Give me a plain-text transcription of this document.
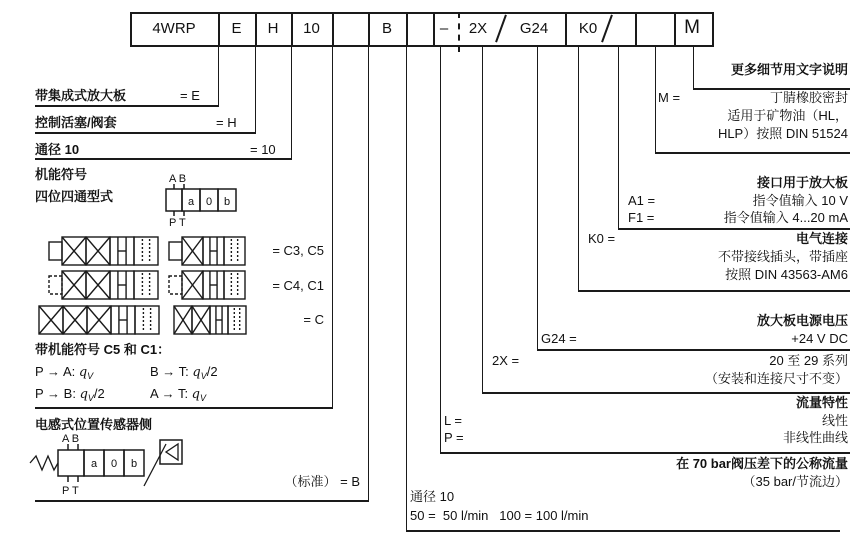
4WRP	E	H	10	B	–	2X	G24	K0	M
带集成式放大板	= E
控制活塞/阀套	= H
通径 10	= 10
机能符号
四位四通型式
A B
a 0 b
P T
= C3, C5
= C4, C1
= C
带机能符号 C5 和 C1：
P → A: $q_V$	B → T: $q_V/2$
P → B: $q_V/2$	A → T: $q_V$
电感式位置传感器侧
A B
a 0 b
P T
（标准） = B
通径 10
50 =  50 l/min   100 = 100 l/min
更多细节用文字说明
M =	丁腈橡胶密封
适用于矿物油（HL，
HLP）按照 DIN 51524
接口用于放大板
A1 =	指令值输入 10 V
F1 =	指令值输入 4...20 mA
K0 =	电气连接
不带接线插头，带插座
按照 DIN 43563-AM6
放大板电源电压
G24 =	+24 V DC
2X =	20 至 29 系列
（安装和连接尺寸不变）
流量特性
L =	线性
P =	非线性曲线
在 70 bar阀压差下的公称流量
（35 bar/节流边）
